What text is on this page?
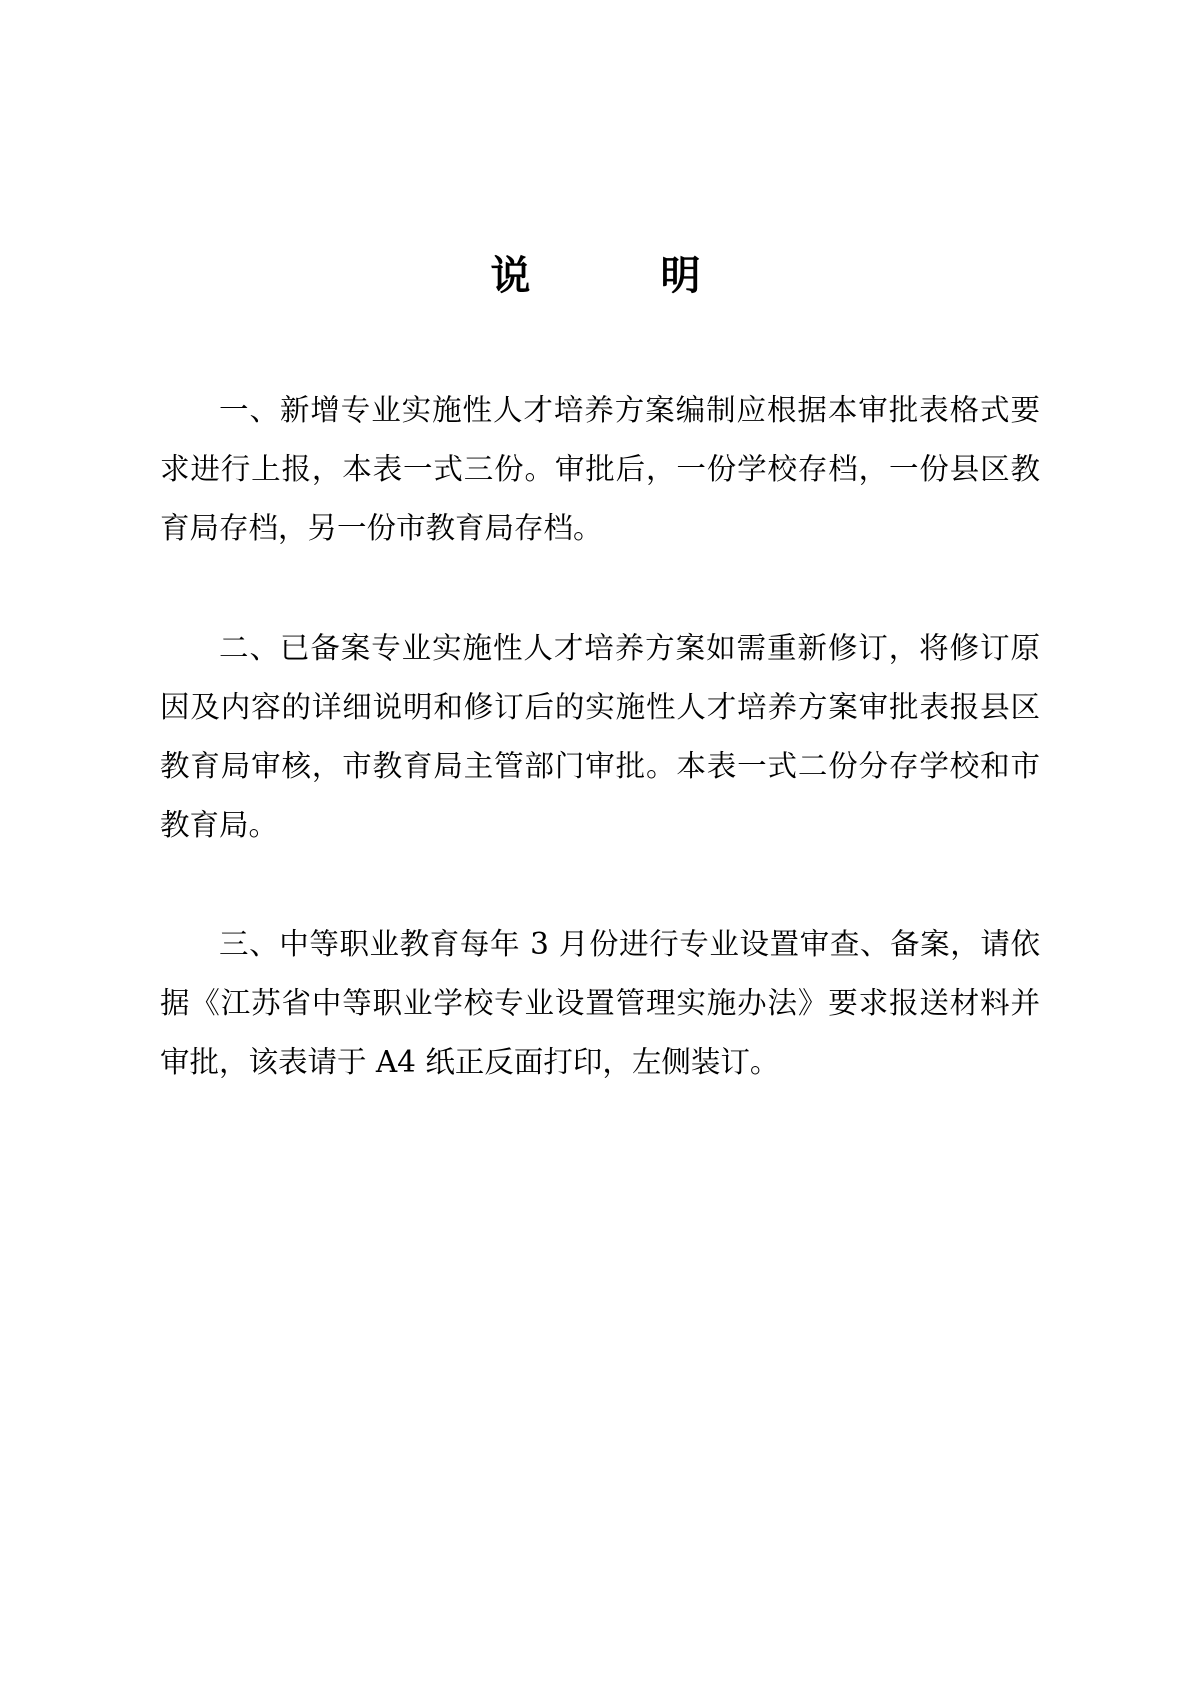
说	明

一、新增专业实施性人才培养方案编制应根据本审批表格式要求进行上报，本表一式三份。审批后，一份学校存档，一份县区教育局存档，另一份市教育局存档。

二、已备案专业实施性人才培养方案如需重新修订，将修订原因及内容的详细说明和修订后的实施性人才培养方案审批表报县区教育局审核，市教育局主管部门审批。本表一式二份分存学校和市教育局。

三、中等职业教育每年 3 月份进行专业设置审查、备案，请依据《江苏省中等职业学校专业设置管理实施办法》要求报送材料并审批，该表请于 A4 纸正反面打印，左侧装订。
